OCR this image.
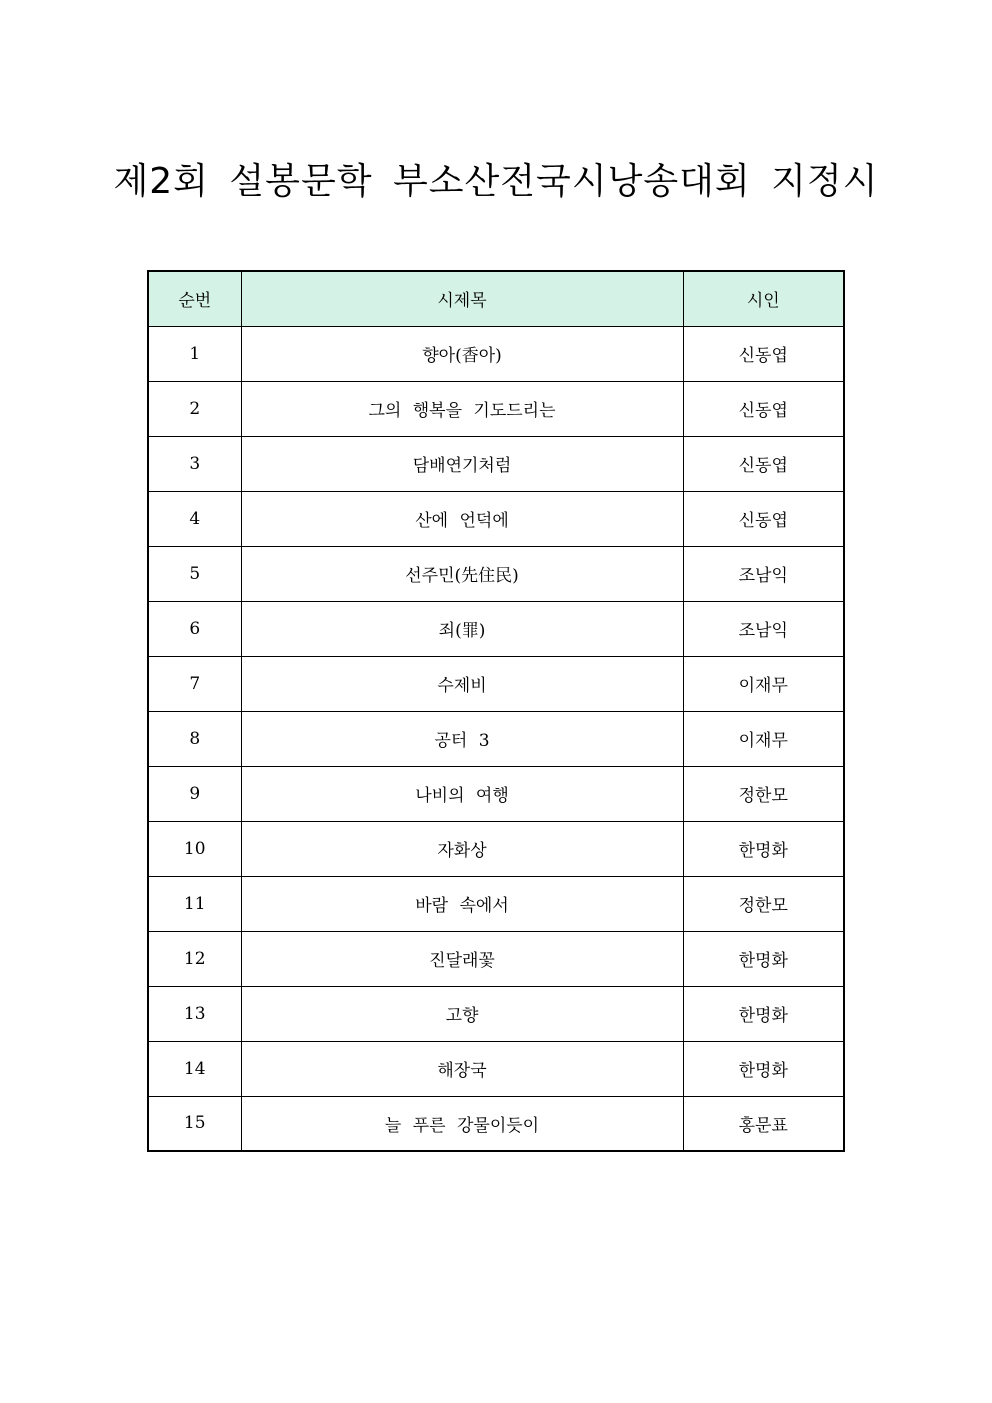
제2회 설봉문학 부소산전국시낭송대회 지정시
순번	시제목	시인
1	향아(香아)	신동엽
2	그의 행복을 기도드리는	신동엽
3	담배연기처럼	신동엽
4	산에 언덕에	신동엽
5	선주민(先住民)	조남익
6	죄(罪)	조남익
7	수제비	이재무
8	공터 3	이재무
9	나비의 여행	정한모
10	자화상	한명화
11	바람 속에서	정한모
12	진달래꽃	한명화
13	고향	한명화
14	해장국	한명화
15	늘 푸른 강물이듯이	홍문표
